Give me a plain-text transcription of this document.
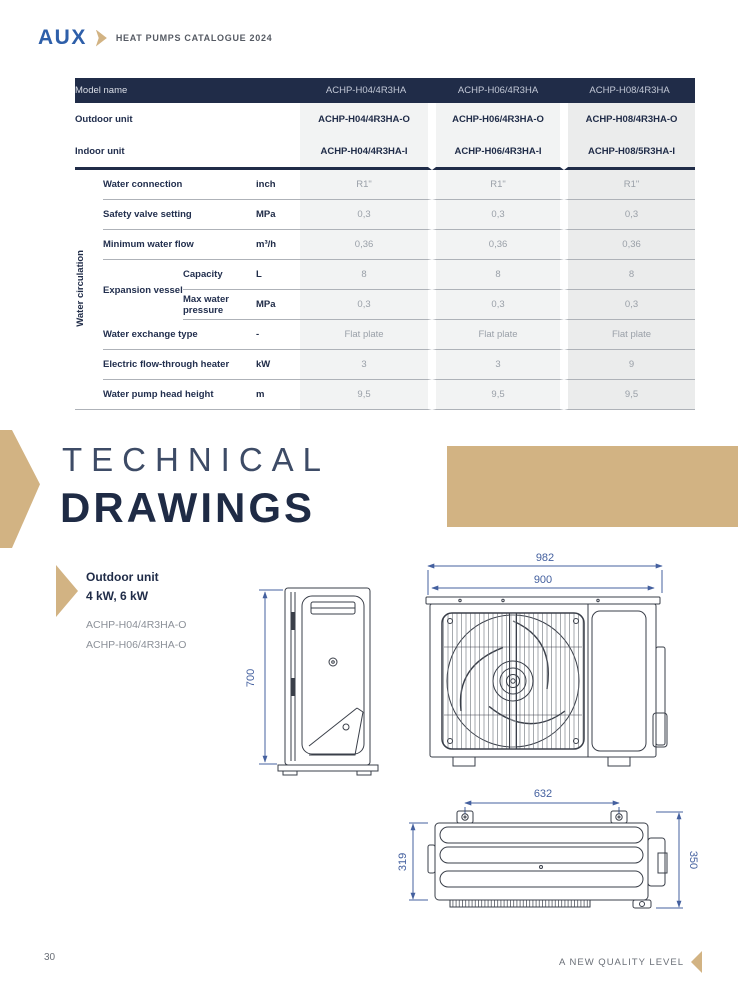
AUX	HEAT PUMPS CATALOGUE 2024
Model name				ACHP-H04/4R3HA	ACHP-H06/4R3HA	ACHP-H08/4R3HA
Outdoor unit				ACHP-H04/4R3HA-O	ACHP-H06/4R3HA-O	ACHP-H08/4R3HA-O
Indoor unit				ACHP-H04/4R3HA-I	ACHP-H06/4R3HA-I	ACHP-H08/5R3HA-I
Water circulation	Water connection		inch	R1"	R1"	R1"
	Safety valve setting		MPa	0,3	0,3	0,3
	Minimum water flow		m³/h	0,36	0,36	0,36
	Expansion vessel	Capacity	L	8	8	8
		Max water pressure	MPa	0,3	0,3	0,3
	Water exchange type		-	Flat plate	Flat plate	Flat plate
	Electric flow-through heater		kW	3	3	9
	Water pump head height		m	9,5	9,5	9,5
TECHNICAL
DRAWINGS
Outdoor unit
4 kW, 6 kW
ACHP-H04/4R3HA-O
ACHP-H06/4R3HA-O
700
982
900
632
319	350
30	A NEW QUALITY LEVEL
